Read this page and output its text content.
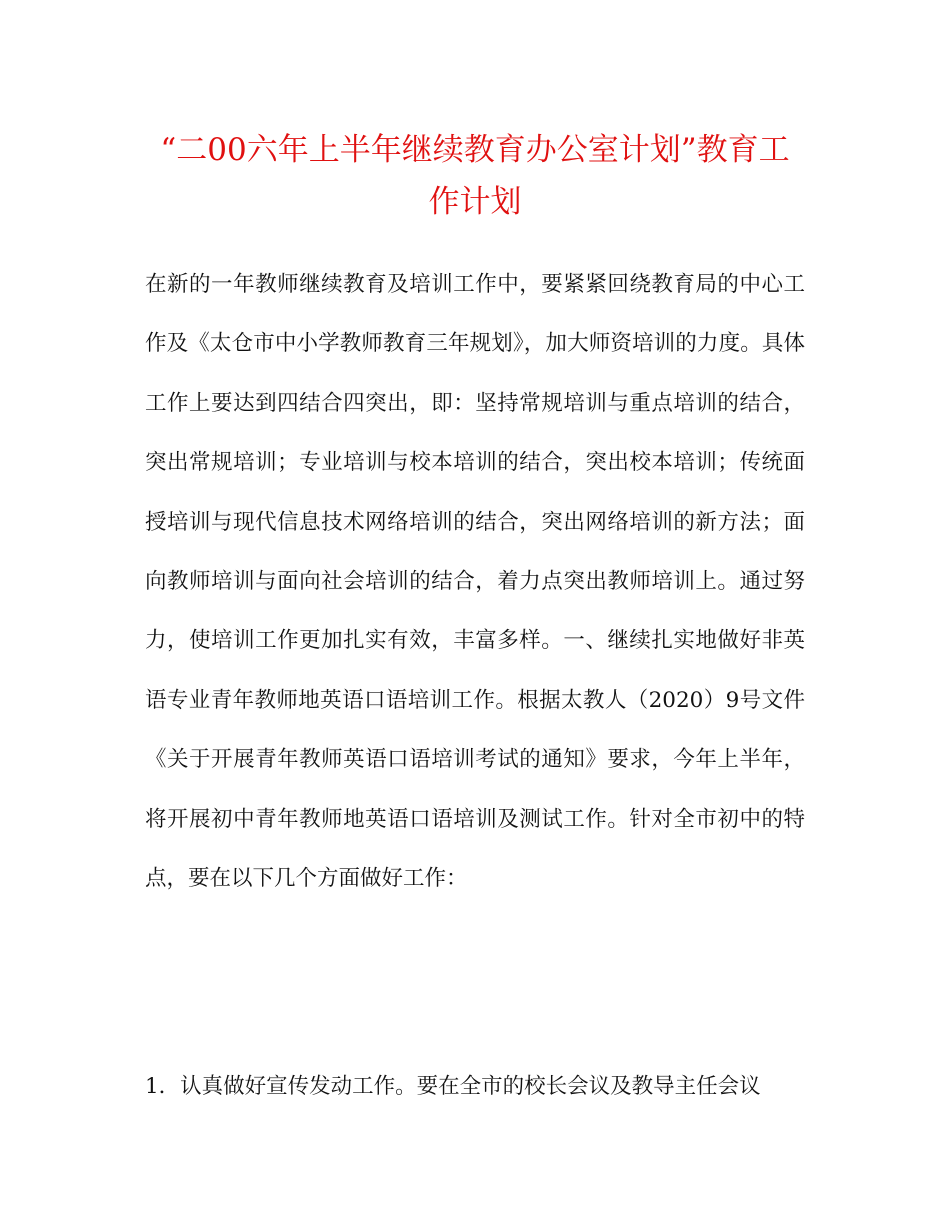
“二00六年上半年继续教育办公室计划”教育工作计划

在新的一年教师继续教育及培训工作中，要紧紧回绕教育局的中心工作及《太仓市中小学教师教育三年规划》，加大师资培训的力度。具体工作上要达到四结合四突出，即：坚持常规培训与重点培训的结合，突出常规培训；专业培训与校本培训的结合，突出校本培训；传统面授培训与现代信息技术网络培训的结合，突出网络培训的新方法；面向教师培训与面向社会培训的结合，着力点突出教师培训上。通过努力，使培训工作更加扎实有效，丰富多样。一、继续扎实地做好非英语专业青年教师地英语口语培训工作。根据太教人（2020）9号文件《关于开展青年教师英语口语培训考试的通知》要求，今年上半年，将开展初中青年教师地英语口语培训及测试工作。针对全市初中的特点，要在以下几个方面做好工作：

1．认真做好宣传发动工作。要在全市的校长会议及教导主任会议
